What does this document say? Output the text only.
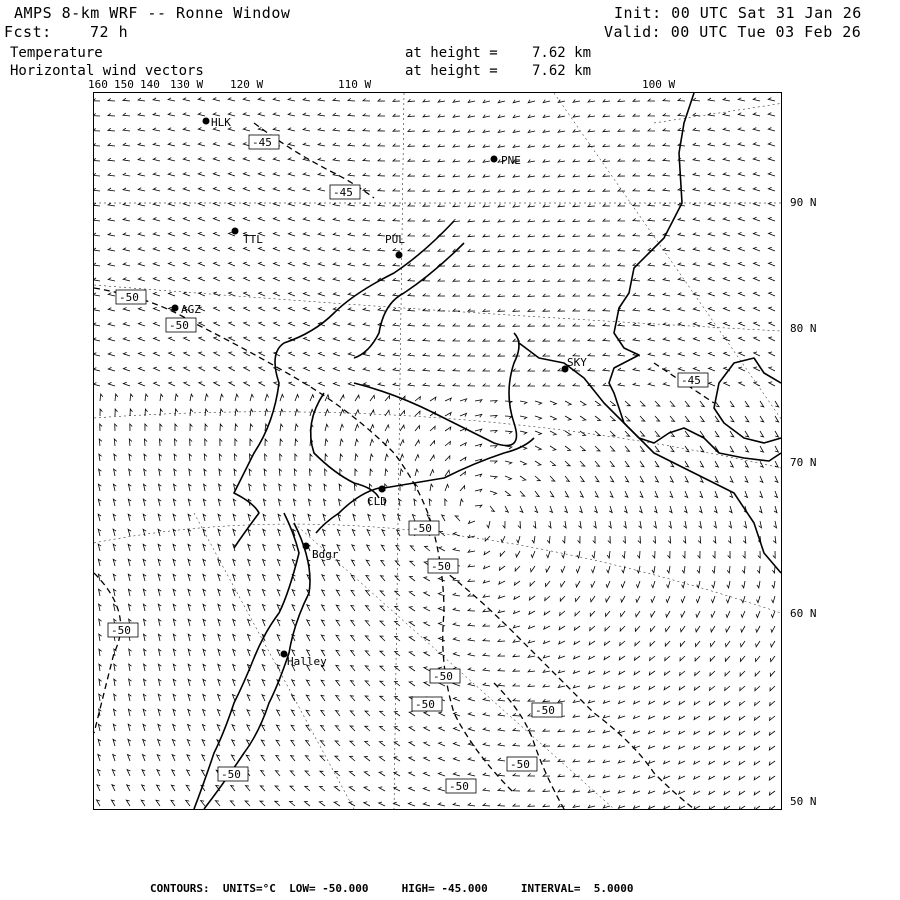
AMPS 8-km WRF -- Ronne Window
Fcst:	72 h
Init: 00 UTC Sat 31 Jan 26
Valid: 00 UTC Tue 03 Feb 26
Temperature	at height = 7.62 km
Horizontal wind vectors	at height = 7.62 km
160 150 140 130 W 120 W	110 W	100 W
90 N
80 N
70 N
60 N
50 N
HLK
PNE
TTL	PUL
AGZ
SKY
CLD
Bdgr
Halley
-45
-45
-50
-50
-45
-50
-50
-50
-50
-50	-50
-50
-50
-50
CONTOURS:  UNITS=°C  LOW= -50.000     HIGH= -45.000     INTERVAL=  5.0000
